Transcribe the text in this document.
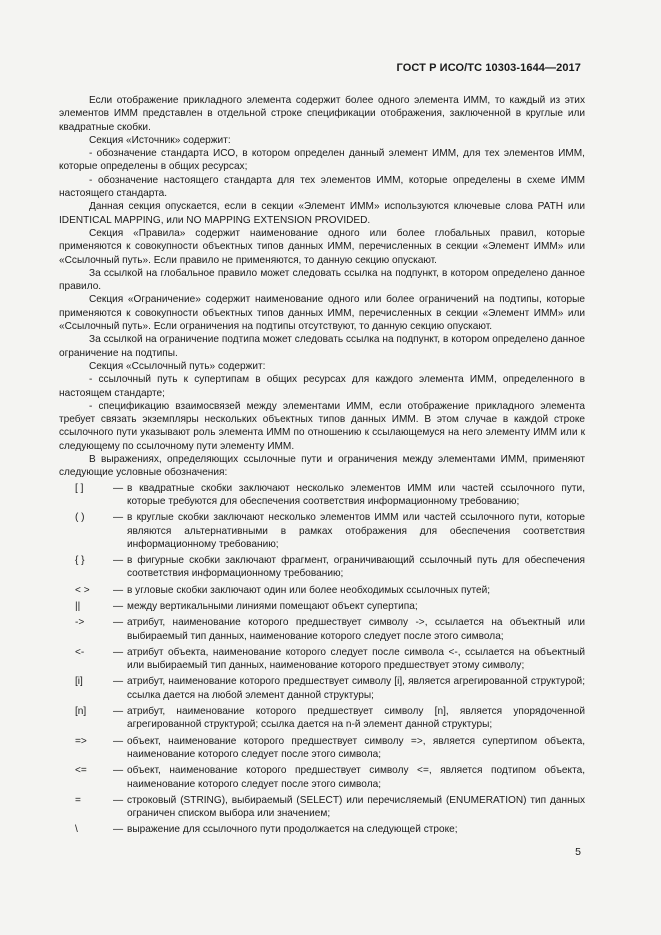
ГОСТ Р ИСО/ТС 10303-1644—2017

Если отображение прикладного элемента содержит более одного элемента ИММ, то каждый из этих элементов ИММ представлен в отдельной строке спецификации отображения, заключенной в круглые или квадратные скобки.

Секция «Источник» содержит:

- обозначение стандарта ИСО, в котором определен данный элемент ИММ, для тех элементов ИММ, которые определены в общих ресурсах;

- обозначение настоящего стандарта для тех элементов ИММ, которые определены в схеме ИММ настоящего стандарта.

Данная секция опускается, если в секции «Элемент ИММ» используются ключевые слова PATH или IDENTICAL MAPPING, или NO MAPPING EXTENSION PROVIDED.

Секция «Правила» содержит наименование одного или более глобальных правил, которые применяются к совокупности объектных типов данных ИММ, перечисленных в секции «Элемент ИММ» или «Ссылочный путь». Если правило не применяются, то данную секцию опускают.

За ссылкой на глобальное правило может следовать ссылка на подпункт, в котором определено данное правило.

Секция «Ограничение» содержит наименование одного или более ограничений на подтипы, которые применяются к совокупности объектных типов данных ИММ, перечисленных в секции «Элемент ИММ» или «Ссылочный путь». Если ограничения на подтипы отсутствуют, то данную секцию опускают.

За ссылкой на ограничение подтипа может следовать ссылка на подпункт, в котором определено данное ограничение на подтипы.

Секция «Ссылочный путь» содержит:

- ссылочный путь к супертипам в общих ресурсах для каждого элемента ИММ, определенного в настоящем стандарте;

- спецификацию взаимосвязей между элементами ИММ, если отображение прикладного элемента требует связать экземпляры нескольких объектных типов данных ИММ. В этом случае в каждой строке ссылочного пути указывают роль элемента ИММ по отношению к ссылающемуся на него элементу ИММ или к следующему по ссылочному пути элементу ИММ.

В выражениях, определяющих ссылочные пути и ограничения между элементами ИММ, применяют следующие условные обозначения:

[ ]	— в квадратные скобки заключают несколько элементов ИММ или частей ссылочного пути, которые требуются для обеспечения соответствия информационному требованию;
( )	— в круглые скобки заключают несколько элементов ИММ или частей ссылочного пути, которые являются альтернативными в рамках отображения для обеспечения соответствия информационному требованию;
{ }	— в фигурные скобки заключают фрагмент, ограничивающий ссылочный путь для обеспечения соответствия информационному требованию;
< >	— в угловые скобки заключают один или более необходимых ссылочных путей;
||	— между вертикальными линиями помещают объект супертипа;
->	— атрибут, наименование которого предшествует символу ->, ссылается на объектный или выбираемый тип данных, наименование которого следует после этого символа;
<-	— атрибут объекта, наименование которого следует после символа <-, ссылается на объектный или выбираемый тип данных, наименование которого предшествует этому символу;
[i]	— атрибут, наименование которого предшествует символу [i], является агрегированной структурой; ссылка дается на любой элемент данной структуры;
[n]	— атрибут, наименование которого предшествует символу [n], является упорядоченной агрегированной структурой; ссылка дается на n-й элемент данной структуры;
=>	— объект, наименование которого предшествует символу =>, является супертипом объекта, наименование которого следует после этого символа;
<=	— объект, наименование которого предшествует символу <=, является подтипом объекта, наименование которого следует после этого символа;
=	— строковый (STRING), выбираемый (SELECT) или перечисляемый (ENUMERATION) тип данных ограничен списком выбора или значением;
\	— выражение для ссылочного пути продолжается на следующей строке;
5
